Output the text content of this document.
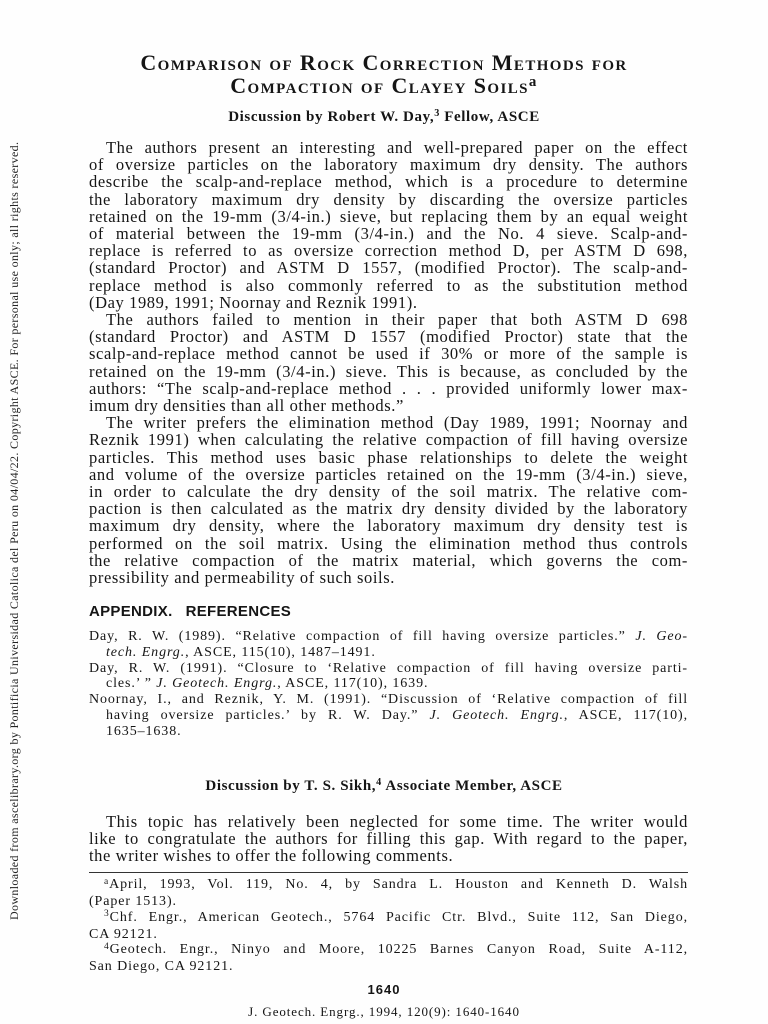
Downloaded from ascelibrary.org by Pontificia Universidad Catolica del Peru on 04/04/22. Copyright ASCE. For personal use only; all rights reserved.
Comparison of Rock Correction Methods for
Compaction of Clayey Soils$^a$
Discussion by Robert W. Day,$^3$ Fellow, ASCE
The authors present an interesting and well-prepared paper on the effect
of oversize particles on the laboratory maximum dry density. The authors
describe the scalp-and-replace method, which is a procedure to determine
the laboratory maximum dry density by discarding the oversize particles
retained on the 19-mm (3/4-in.) sieve, but replacing them by an equal weight
of material between the 19-mm (3/4-in.) and the No. 4 sieve. Scalp-and-
replace is referred to as oversize correction method D, per ASTM D 698,
(standard Proctor) and ASTM D 1557, (modified Proctor). The scalp-and-
replace method is also commonly referred to as the substitution method
(Day 1989, 1991; Noornay and Reznik 1991).
The authors failed to mention in their paper that both ASTM D 698
(standard Proctor) and ASTM D 1557 (modified Proctor) state that the
scalp-and-replace method cannot be used if 30% or more of the sample is
retained on the 19-mm (3/4-in.) sieve. This is because, as concluded by the
authors: “The scalp-and-replace method . . . provided uniformly lower max-
imum dry densities than all other methods.”
The writer prefers the elimination method (Day 1989, 1991; Noornay and
Reznik 1991) when calculating the relative compaction of fill having oversize
particles. This method uses basic phase relationships to delete the weight
and volume of the oversize particles retained on the 19-mm (3/4-in.) sieve,
in order to calculate the dry density of the soil matrix. The relative com-
paction is then calculated as the matrix dry density divided by the laboratory
maximum dry density, where the laboratory maximum dry density test is
performed on the soil matrix. Using the elimination method thus controls
the relative compaction of the matrix material, which governs the com-
pressibility and permeability of such soils.
APPENDIX. REFERENCES
Day, R. W. (1989). “Relative compaction of fill having oversize particles.” J. Geo-
tech. Engrg., ASCE, 115(10), 1487–1491.
Day, R. W. (1991). “Closure to ‘Relative compaction of fill having oversize parti-
cles.’ ” J. Geotech. Engrg., ASCE, 117(10), 1639.
Noornay, I., and Reznik, Y. M. (1991). “Discussion of ‘Relative compaction of fill
having oversize particles.’ by R. W. Day.” J. Geotech. Engrg., ASCE, 117(10),
1635–1638.
Discussion by T. S. Sikh,$^4$ Associate Member, ASCE
This topic has relatively been neglected for some time. The writer would
like to congratulate the authors for filling this gap. With regard to the paper,
the writer wishes to offer the following comments.
$^a$April, 1993, Vol. 119, No. 4, by Sandra L. Houston and Kenneth D. Walsh
(Paper 1513).
$^3$Chf. Engr., American Geotech., 5764 Pacific Ctr. Blvd., Suite 112, San Diego,
CA 92121.
$^4$Geotech. Engr., Ninyo and Moore, 10225 Barnes Canyon Road, Suite A-112,
San Diego, CA 92121.
1640
J. Geotech. Engrg., 1994, 120(9): 1640-1640
